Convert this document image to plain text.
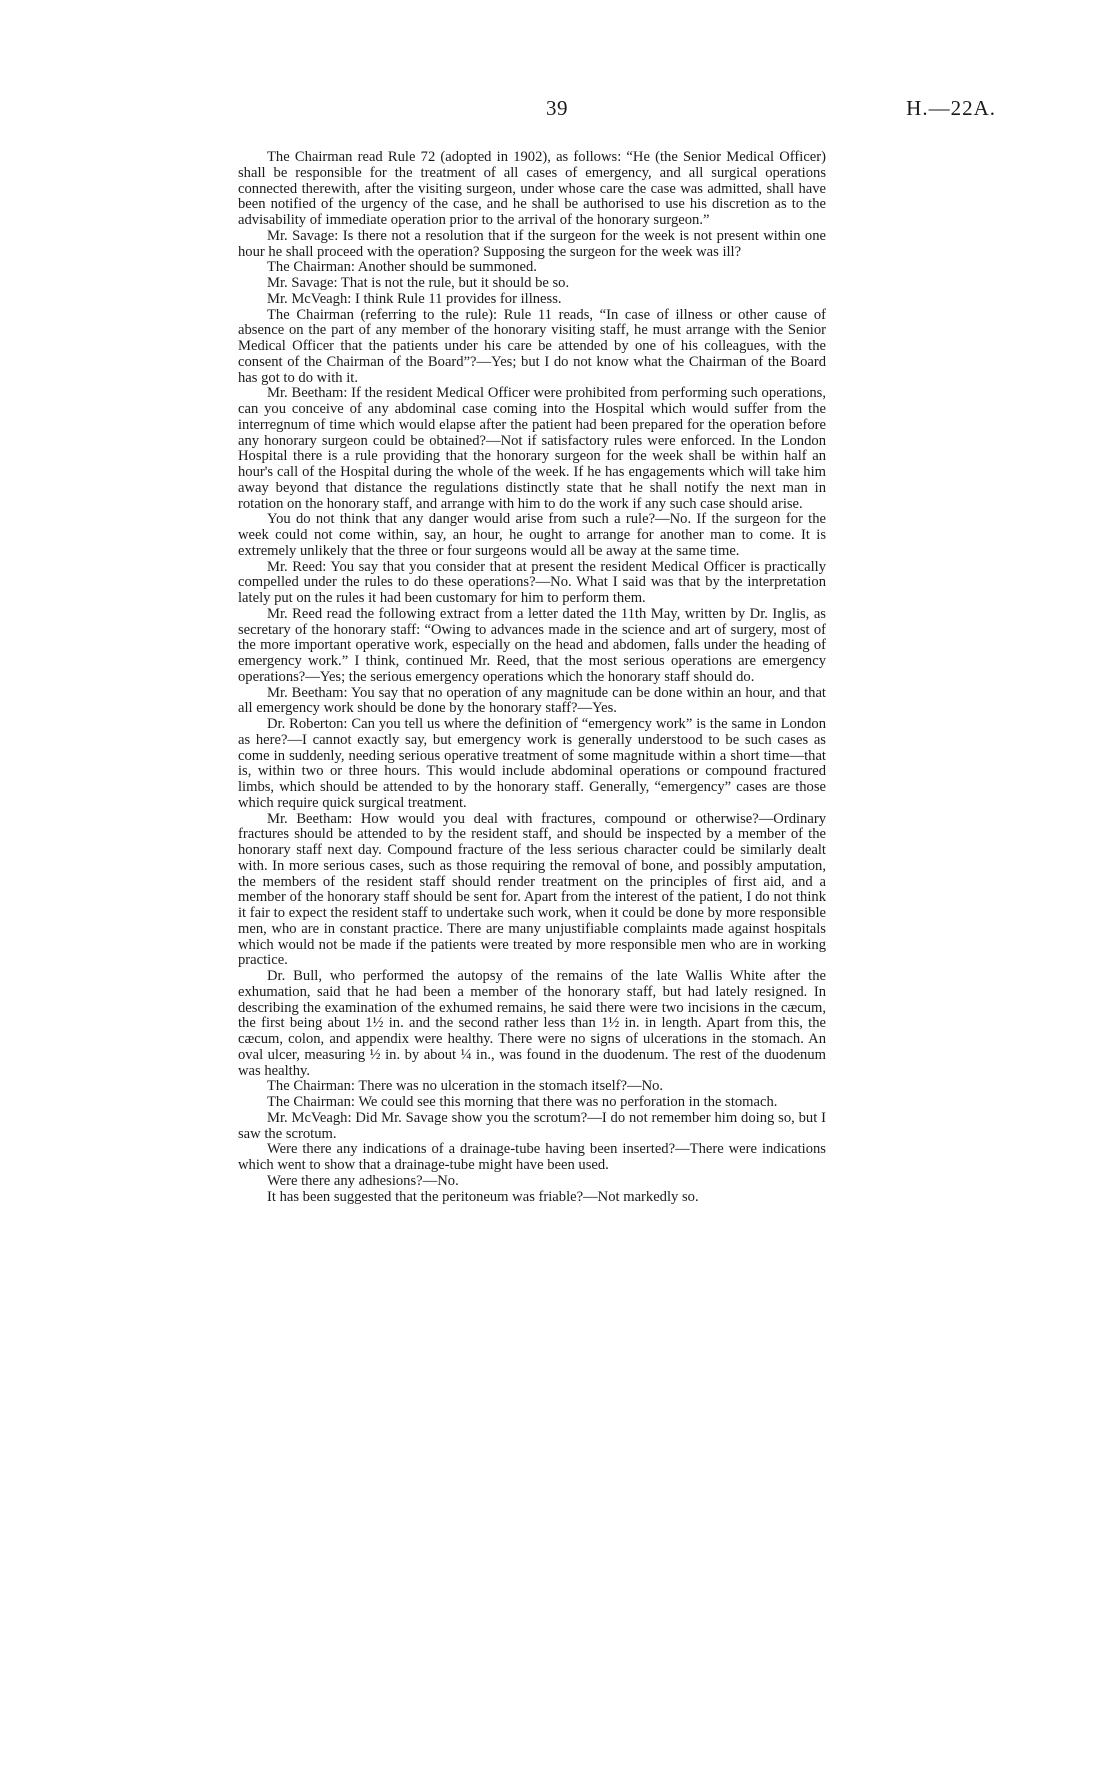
39	H.—22A.

The Chairman read Rule 72 (adopted in 1902), as follows: “He (the Senior Medical Officer) shall be responsible for the treatment of all cases of emergency, and all surgical operations connected therewith, after the visiting surgeon, under whose care the case was admitted, shall have been notified of the urgency of the case, and he shall be authorised to use his discretion as to the advisability of immediate operation prior to the arrival of the honorary surgeon.”

Mr. Savage: Is there not a resolution that if the surgeon for the week is not present within one hour he shall proceed with the operation? Supposing the surgeon for the week was ill?

The Chairman: Another should be summoned.

Mr. Savage: That is not the rule, but it should be so.

Mr. McVeagh: I think Rule 11 provides for illness.

The Chairman (referring to the rule): Rule 11 reads, “In case of illness or other cause of absence on the part of any member of the honorary visiting staff, he must arrange with the Senior Medical Officer that the patients under his care be attended by one of his colleagues, with the consent of the Chairman of the Board”?—Yes; but I do not know what the Chairman of the Board has got to do with it.

Mr. Beetham: If the resident Medical Officer were prohibited from performing such operations, can you conceive of any abdominal case coming into the Hospital which would suffer from the interregnum of time which would elapse after the patient had been prepared for the operation before any honorary surgeon could be obtained?—Not if satisfactory rules were enforced. In the London Hospital there is a rule providing that the honorary surgeon for the week shall be within half an hour's call of the Hospital during the whole of the week. If he has engagements which will take him away beyond that distance the regulations distinctly state that he shall notify the next man in rotation on the honorary staff, and arrange with him to do the work if any such case should arise.

You do not think that any danger would arise from such a rule?—No. If the surgeon for the week could not come within, say, an hour, he ought to arrange for another man to come. It is extremely unlikely that the three or four surgeons would all be away at the same time.

Mr. Reed: You say that you consider that at present the resident Medical Officer is practically compelled under the rules to do these operations?—No. What I said was that by the interpretation lately put on the rules it had been customary for him to perform them.

Mr. Reed read the following extract from a letter dated the 11th May, written by Dr. Inglis, as secretary of the honorary staff: “Owing to advances made in the science and art of surgery, most of the more important operative work, especially on the head and abdomen, falls under the heading of emergency work.” I think, continued Mr. Reed, that the most serious operations are emergency operations?—Yes; the serious emergency operations which the honorary staff should do.

Mr. Beetham: You say that no operation of any magnitude can be done within an hour, and that all emergency work should be done by the honorary staff?—Yes.

Dr. Roberton: Can you tell us where the definition of “emergency work” is the same in London as here?—I cannot exactly say, but emergency work is generally understood to be such cases as come in suddenly, needing serious operative treatment of some magnitude within a short time—that is, within two or three hours. This would include abdominal operations or compound fractured limbs, which should be attended to by the honorary staff. Generally, “emergency” cases are those which require quick surgical treatment.

Mr. Beetham: How would you deal with fractures, compound or otherwise?—Ordinary fractures should be attended to by the resident staff, and should be inspected by a member of the honorary staff next day. Compound fracture of the less serious character could be similarly dealt with. In more serious cases, such as those requiring the removal of bone, and possibly amputation, the members of the resident staff should render treatment on the principles of first aid, and a member of the honorary staff should be sent for. Apart from the interest of the patient, I do not think it fair to expect the resident staff to undertake such work, when it could be done by more responsible men, who are in constant practice. There are many unjustifiable complaints made against hospitals which would not be made if the patients were treated by more responsible men who are in working practice.

Dr. Bull, who performed the autopsy of the remains of the late Wallis White after the exhumation, said that he had been a member of the honorary staff, but had lately resigned. In describing the examination of the exhumed remains, he said there were two incisions in the cæcum, the first being about 1½ in. and the second rather less than 1½ in. in length. Apart from this, the cæcum, colon, and appendix were healthy. There were no signs of ulcerations in the stomach. An oval ulcer, measuring ½ in. by about ¼ in., was found in the duodenum. The rest of the duodenum was healthy.

The Chairman: There was no ulceration in the stomach itself?—No.

The Chairman: We could see this morning that there was no perforation in the stomach.

Mr. McVeagh: Did Mr. Savage show you the scrotum?—I do not remember him doing so, but I saw the scrotum.

Were there any indications of a drainage-tube having been inserted?—There were indications which went to show that a drainage-tube might have been used.

Were there any adhesions?—No.

It has been suggested that the peritoneum was friable?—Not markedly so.
